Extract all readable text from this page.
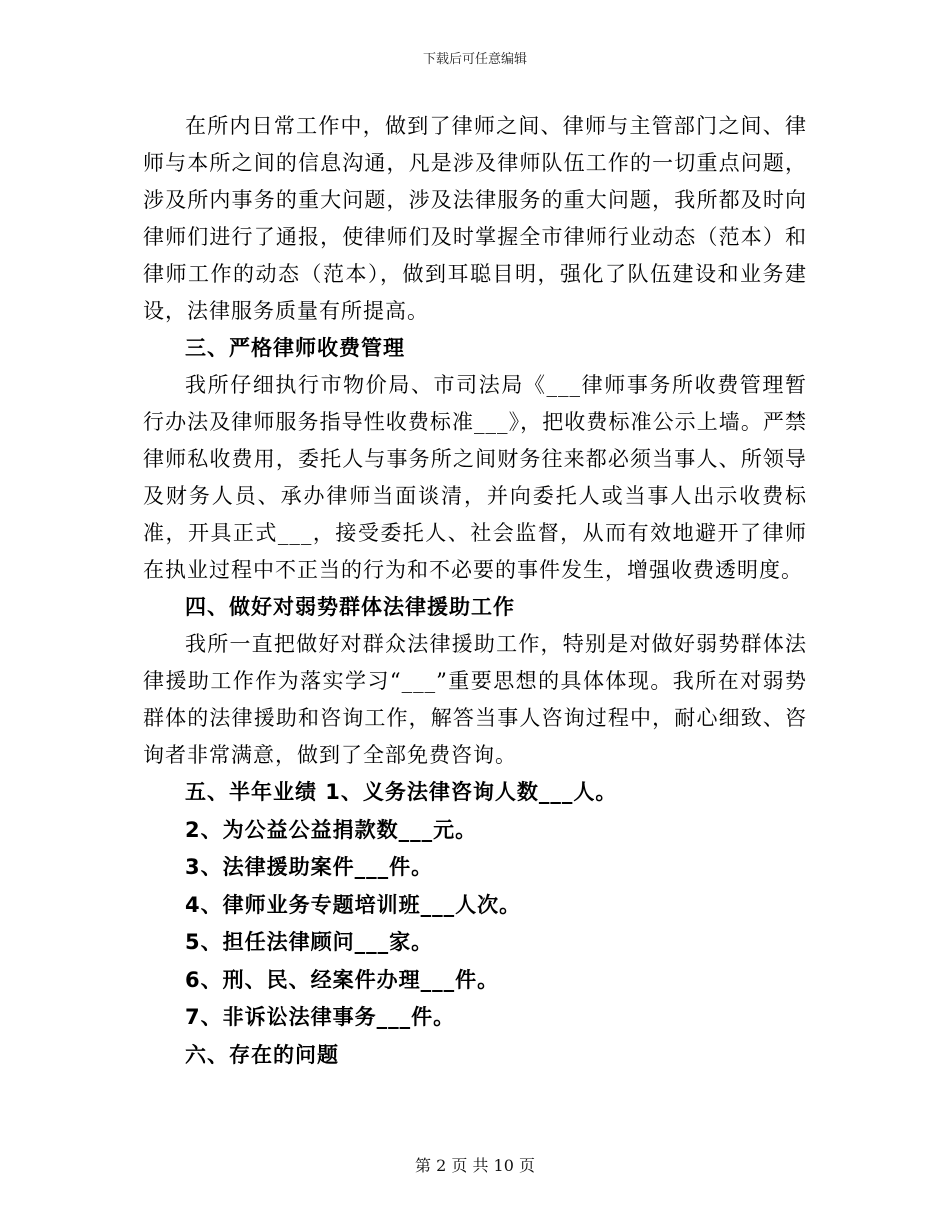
下载后可任意编辑

在所内日常工作中，做到了律师之间、律师与主管部门之间、律师与本所之间的信息沟通，凡是涉及律师队伍工作的一切重点问题，涉及所内事务的重大问题，涉及法律服务的重大问题，我所都及时向律师们进行了通报，使律师们及时掌握全市律师行业动态（范本）和律师工作的动态（范本），做到耳聪目明，强化了队伍建设和业务建设，法律服务质量有所提高。

三、严格律师收费管理

我所仔细执行市物价局、市司法局《___律师事务所收费管理暂行办法及律师服务指导性收费标准___》，把收费标准公示上墙。严禁律师私收费用，委托人与事务所之间财务往来都必须当事人、所领导及财务人员、承办律师当面谈清，并向委托人或当事人出示收费标准，开具正式___，接受委托人、社会监督，从而有效地避开了律师在执业过程中不正当的行为和不必要的事件发生，增强收费透明度。

四、做好对弱势群体法律援助工作

我所一直把做好对群众法律援助工作，特别是对做好弱势群体法律援助工作作为落实学习“___”重要思想的具体体现。我所在对弱势群体的法律援助和咨询工作，解答当事人咨询过程中，耐心细致、咨询者非常满意，做到了全部免费咨询。

五、半年业绩 1、义务法律咨询人数___人。

2、为公益公益捐款数___元。

3、法律援助案件___件。

4、律师业务专题培训班___人次。

5、担任法律顾问___家。

6、刑、民、经案件办理___件。

7、非诉讼法律事务___件。

六、存在的问题

第 2 页 共 10 页
